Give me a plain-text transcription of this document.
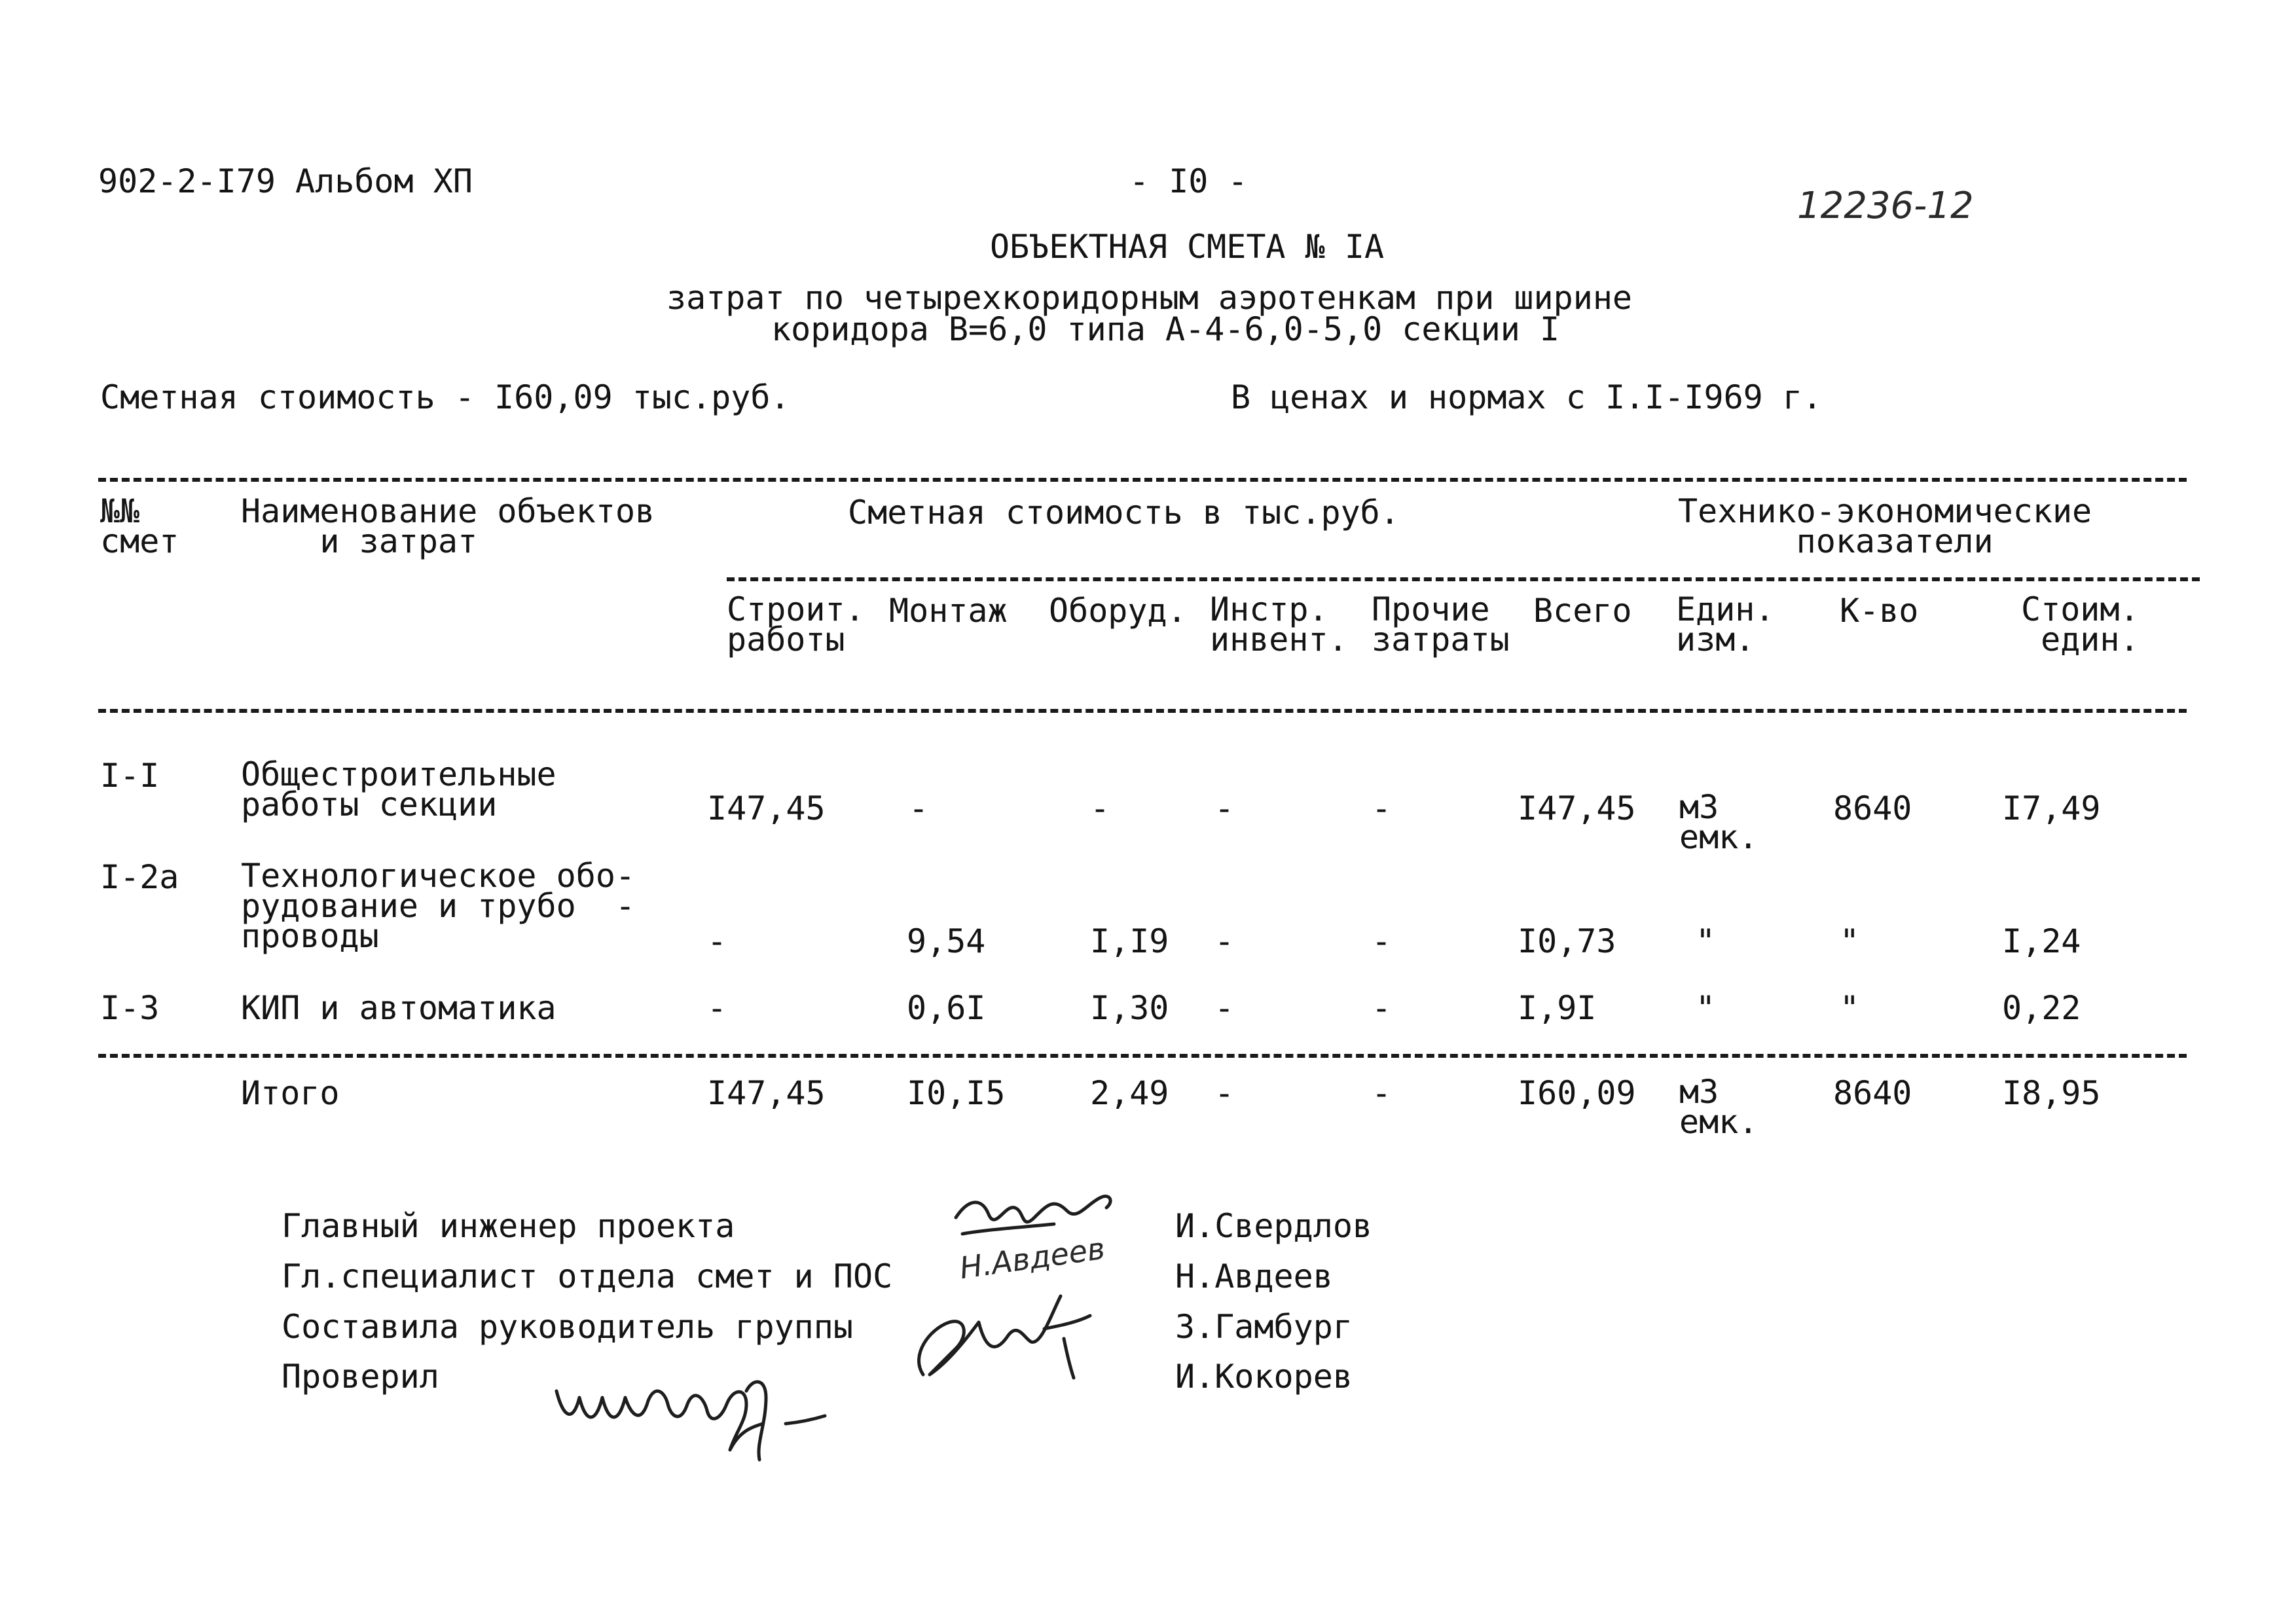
902-2-I79 Альбом ХП	- I0 -
12236-12
ОБЪЕКТНАЯ СМЕТА № IA
затрат по четырехкоридорным аэротенкам при ширине
коридора В=6,0 типа А-4-6,0-5,0 секции I
Сметная стоимость - I60,09 тыс.руб.	В ценах и нормах с I.I-I969 г.
№№
смет
Наименование объектов
и затрат
Сметная стоимость в тыс.руб.	Технико-экономические
показатели
Строит.
работы
Монтаж Оборуд. Инстр.
инвент.
Прочие
затраты
Всего Един.
изм.
К-во	Стоим.
един.
I-I Общестроительные
работы секции	I47,45	-	-	-	-	I47,45 м3
емк.
8640	I7,49
I-2а Технологическое обо-
рудование и трубо  -
проводы	-	9,54	I,I9 -	-	I0,73 "	"	I,24
I-3 КИП и автоматика	-	0,6I	I,30 -	-	I,9I	"	"	0,22
Итого	I47,45 I0,I5	2,49 -	-	I60,09 м3
емк.
8640	I8,95
Главный инженер проекта
Гл.специалист отдела смет и ПОС
Составила руководитель группы
Проверил
И.Свердлов
Н.Авдеев
З.Гамбург
И.Кокорев
Н.Авдеев
